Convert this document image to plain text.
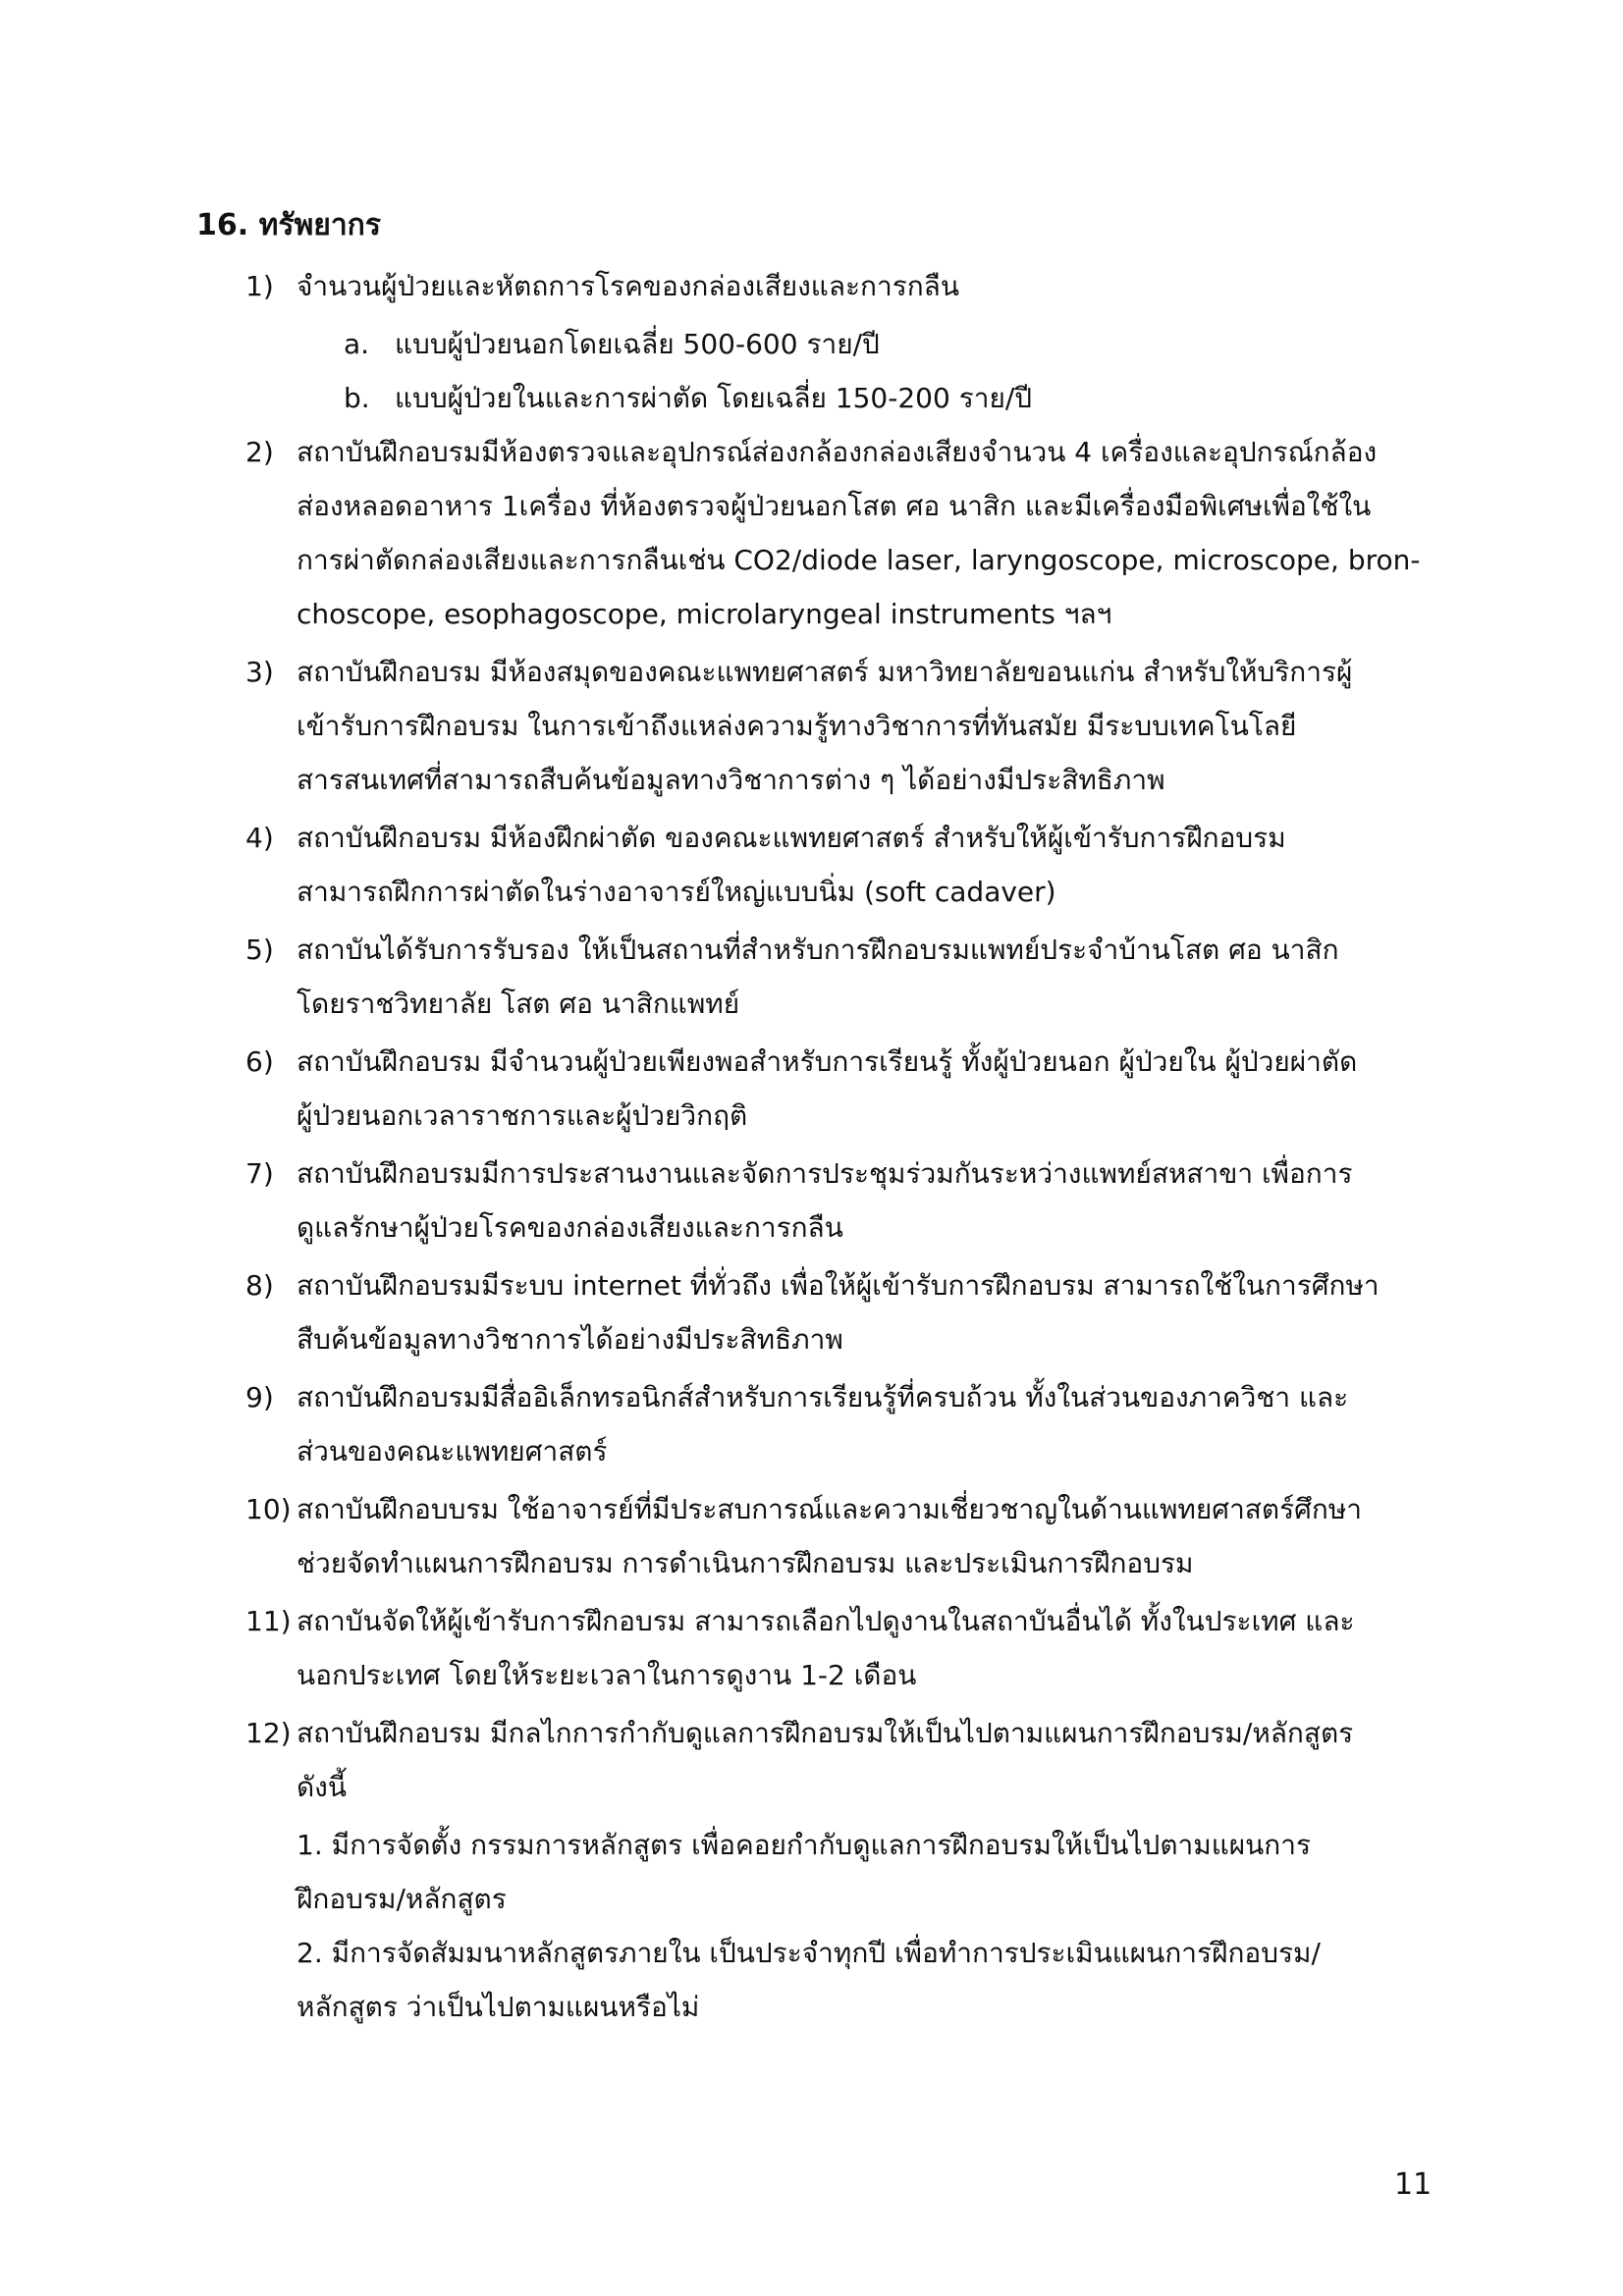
16. ทรัพยากร
1) จำนวนผู้ป่วยและหัตถการโรคของกล่องเสียงและการกลืน
a. แบบผู้ป่วยนอกโดยเฉลี่ย 500-600 ราย/ปี
b. แบบผู้ป่วยในและการผ่าตัด โดยเฉลี่ย 150-200 ราย/ปี
2) สถาบันฝึกอบรมมีห้องตรวจและอุปกรณ์ส่องกล้องกล่องเสียงจำนวน 4 เครื่องและอุปกรณ์กล้อง
ส่องหลอดอาหาร 1เครื่อง ที่ห้องตรวจผู้ป่วยนอกโสต ศอ นาสิก และมีเครื่องมือพิเศษเพื่อใช้ใน
การผ่าตัดกล่องเสียงและการกลืนเช่น CO2/diode laser, laryngoscope, microscope, bron-
choscope, esophagoscope, microlaryngeal instruments ฯลฯ
3) สถาบันฝึกอบรม มีห้องสมุดของคณะแพทยศาสตร์ มหาวิทยาลัยขอนแก่น สำหรับให้บริการผู้
เข้ารับการฝึกอบรม ในการเข้าถึงแหล่งความรู้ทางวิชาการที่ทันสมัย มีระบบเทคโนโลยี
สารสนเทศที่สามารถสืบค้นข้อมูลทางวิชาการต่าง ๆ ได้อย่างมีประสิทธิภาพ
4) สถาบันฝึกอบรม มีห้องฝึกผ่าตัด ของคณะแพทยศาสตร์ สำหรับให้ผู้เข้ารับการฝึกอบรม
สามารถฝึกการผ่าตัดในร่างอาจารย์ใหญ่แบบนิ่ม (soft cadaver)
5) สถาบันได้รับการรับรอง ให้เป็นสถานที่สำหรับการฝึกอบรมแพทย์ประจำบ้านโสต ศอ นาสิก
โดยราชวิทยาลัย โสต ศอ นาสิกแพทย์
6) สถาบันฝึกอบรม มีจำนวนผู้ป่วยเพียงพอสำหรับการเรียนรู้ ทั้งผู้ป่วยนอก ผู้ป่วยใน ผู้ป่วยผ่าตัด
ผู้ป่วยนอกเวลาราชการและผู้ป่วยวิกฤติ
7) สถาบันฝึกอบรมมีการประสานงานและจัดการประชุมร่วมกันระหว่างแพทย์สหสาขา เพื่อการ
ดูแลรักษาผู้ป่วยโรคของกล่องเสียงและการกลืน
8) สถาบันฝึกอบรมมีระบบ internet ที่ทั่วถึง เพื่อให้ผู้เข้ารับการฝึกอบรม สามารถใช้ในการศึกษา
สืบค้นข้อมูลทางวิชาการได้อย่างมีประสิทธิภาพ
9) สถาบันฝึกอบรมมีสื่ออิเล็กทรอนิกส์สำหรับการเรียนรู้ที่ครบถ้วน ทั้งในส่วนของภาควิชา และ
ส่วนของคณะแพทยศาสตร์
10) สถาบันฝึกอบบรม ใช้อาจารย์ที่มีประสบการณ์และความเชี่ยวชาญในด้านแพทยศาสตร์ศึกษา
ช่วยจัดทำแผนการฝึกอบรม การดำเนินการฝึกอบรม และประเมินการฝึกอบรม
11) สถาบันจัดให้ผู้เข้ารับการฝึกอบรม สามารถเลือกไปดูงานในสถาบันอื่นได้ ทั้งในประเทศ และ
นอกประเทศ โดยให้ระยะเวลาในการดูงาน 1-2 เดือน
12) สถาบันฝึกอบรม มีกลไกการกำกับดูแลการฝึกอบรมให้เป็นไปตามแผนการฝึกอบรม/หลักสูตร
ดังนี้
1. มีการจัดตั้ง กรรมการหลักสูตร เพื่อคอยกำกับดูแลการฝึกอบรมให้เป็นไปตามแผนการ
ฝึกอบรม/หลักสูตร
2. มีการจัดสัมมนาหลักสูตรภายใน เป็นประจำทุกปี เพื่อทำการประเมินแผนการฝึกอบรม/
หลักสูตร ว่าเป็นไปตามแผนหรือไม่
11
